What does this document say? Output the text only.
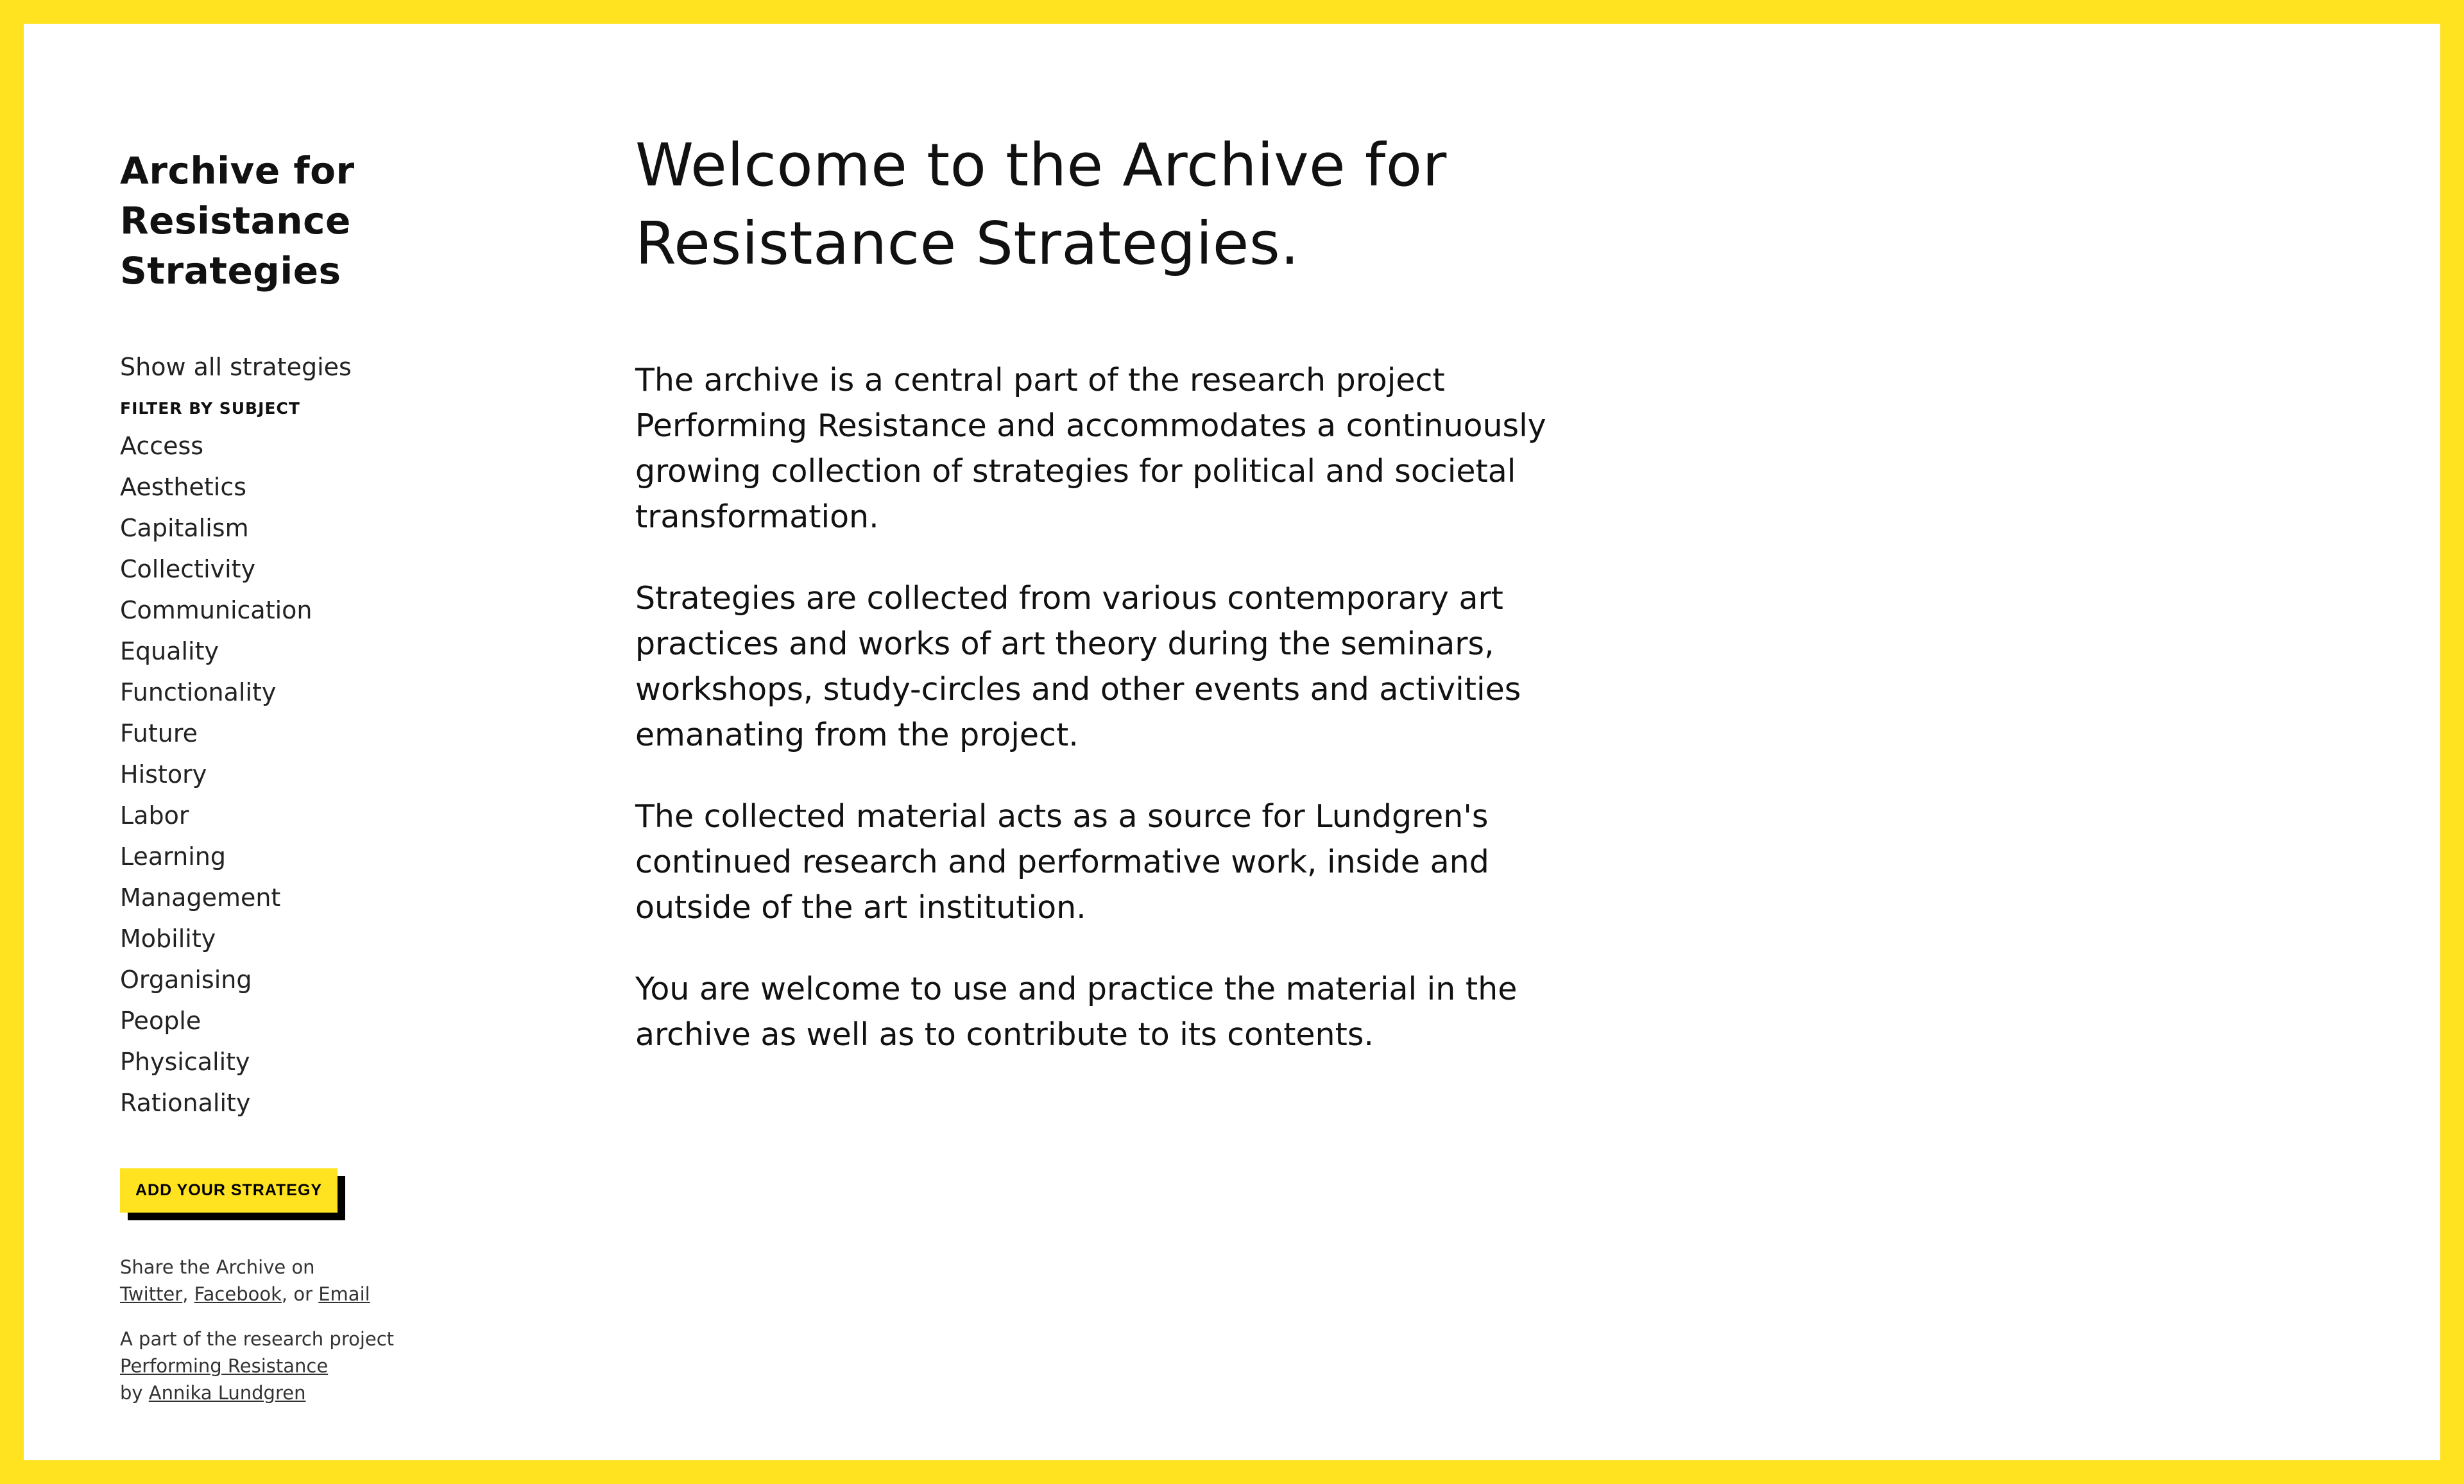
Archive for
Resistance
Strategies
Show all strategies
FILTER BY SUBJECT
Access
Aesthetics
Capitalism
Collectivity
Communication
Equality
Functionality
Future
History
Labor
Learning
Management
Mobility
Organising
People
Physicality
Rationality
ADD YOUR STRATEGY
Share the Archive on
Twitter, Facebook, or Email
A part of the research project
Performing Resistance
by Annika Lundgren
Welcome to the Archive for
Resistance Strategies.

The archive is a central part of the research project Performing Resistance and accommodates a continuously growing collection of strategies for political and societal transformation.

Strategies are collected from various contemporary art practices and works of art theory during the seminars, workshops, study-circles and other events and activities emanating from the project.

The collected material acts as a source for Lundgren's continued research and performative work, inside and outside of the art institution.

You are welcome to use and practice the material in the archive as well as to contribute to its contents.
